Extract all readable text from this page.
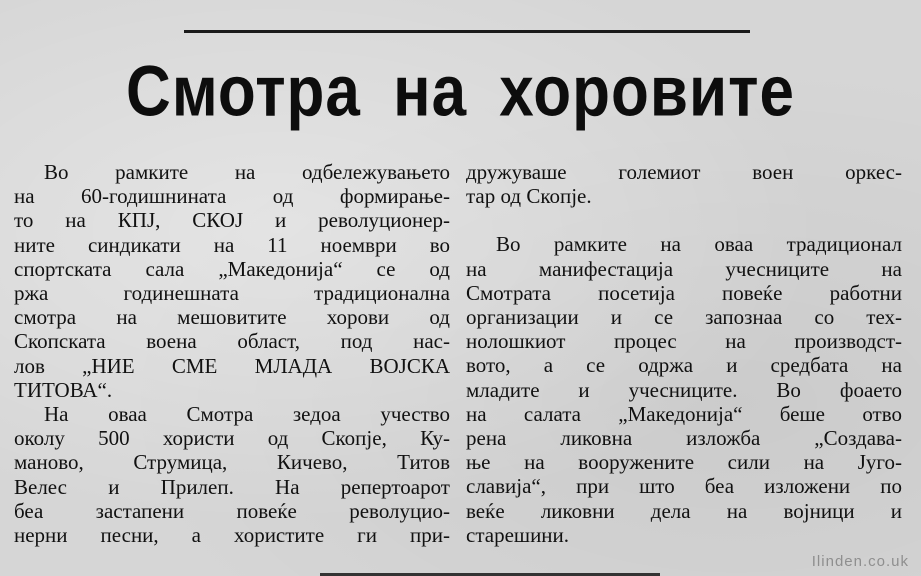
Смотра на хоровите
Во рамките на одбележувањето
на 60-годишнината од формирање-
то на КПЈ, СКОЈ и револуционер-
ните синдикати на 11 ноември во
спортската сала „Македонија“ се од
ржа годинешната традиционална
смотра на мешовитите хорови од
Скопската воена област, под нас-
лов „НИЕ СМЕ МЛАДА ВОЈСКА
ТИТОВА“.
На оваа Смотра зедоа учество
околу 500 хористи од Скопје, Ку-
маново, Струмица, Кичево, Титов
Велес и Прилеп. На репертоарот
беа застапени повеќе револуцио-
нерни песни, а хористите ги при-
дружуваше големиот воен оркес-
тар од Скопје.
Во рамките на оваа традиционал
на манифестација учесниците на
Смотрата посетија повеќе работни
организации и се запознаа со тех-
нолошкиот процес на производст-
вото, а се одржа и средбата на
младите и учесниците. Во фоаето
на салата „Македонија“ беше отво
рена ликовна изложба „Создава-
ње на вооружените сили на Југо-
славија“, при што беа изложени по
веќе ликовни дела на војници и
старешини.
Ilinden.co.uk
